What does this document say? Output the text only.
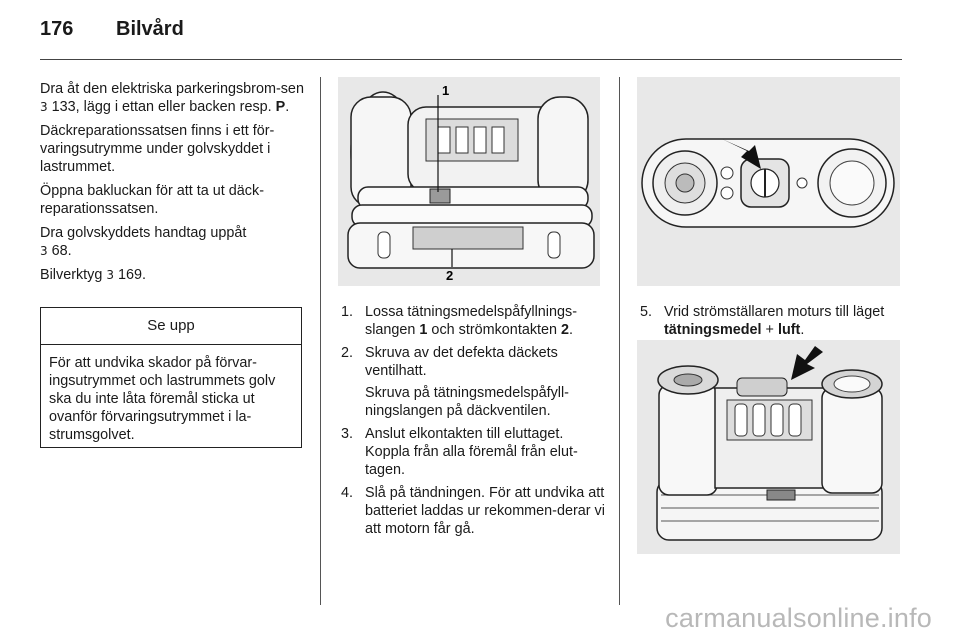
176	Bilvård

Dra åt den elektriska parkeringsbrom-sen 3 133, lägg i ettan eller backen resp. P.

Däckreparationssatsen finns i ett för-varingsutrymme under golvskyddet i lastrummet.

Öppna bakluckan för att ta ut däck-reparationssatsen.

Dra golvskyddets handtag uppåt
3 68.

Bilverktyg 3 169.

Se upp
För att undvika skador på förvar-ingsutrymmet och lastrummets golv ska du inte låta föremål sticka ut ovanför förvaringsutrymmet i la-strumsgolvet.
1
2
1. Lossa tätningsmedelspåfyllnings-slangen 1 och strömkontakten 2.
2. Skruva av det defekta däckets ventilhatt.
Skruva på tätningsmedelspåfyll-ningslangen på däckventilen.
3. Anslut elkontakten till eluttaget. Koppla från alla föremål från elut-tagen.
4. Slå på tändningen. För att undvika att batteriet laddas ur rekommen-derar vi att motorn får gå.
5. Vrid strömställaren moturs till läget tätningsmedel + luft.
carmanualsonline.info
